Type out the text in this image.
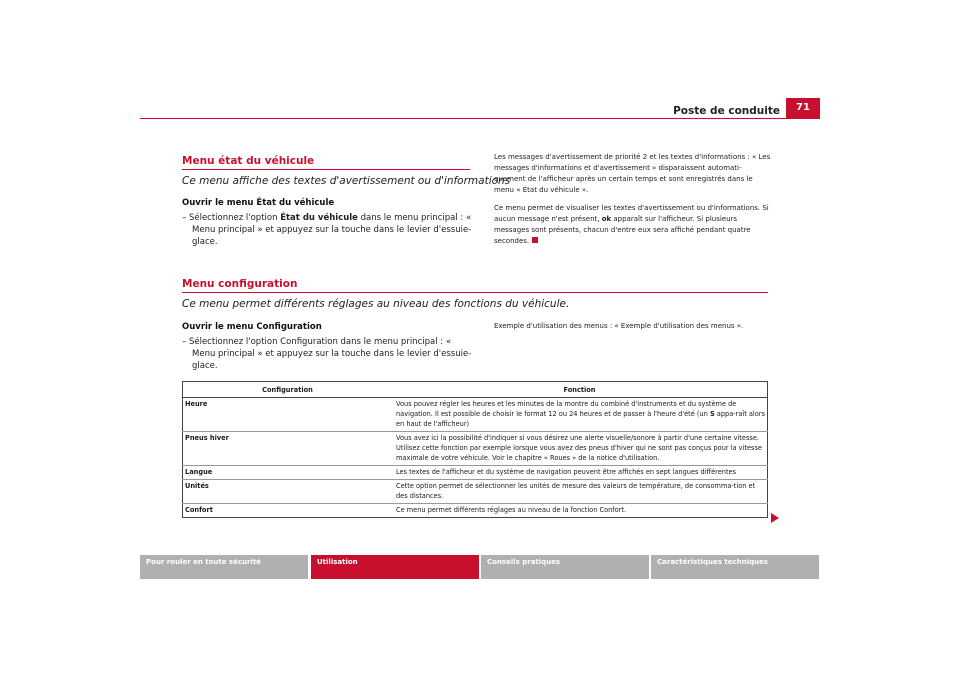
Poste de conduite	71
Menu état du véhicule
Ce menu affiche des textes d'avertissement ou d'informations
Ouvrir le menu État du véhicule
– Sélectionnez l'option État du véhicule dans le menu principal : « Menu principal » et appuyez sur la touche dans le levier d'essuie-glace.
Les messages d'avertissement de priorité 2 et les textes d'informations : « Les messages d'informations et d'avertissement » disparaissent automati-quement de l'afficheur après un certain temps et sont enregistrés dans le menu « État du véhicule ».
Ce menu permet de visualiser les textes d'avertissement ou d'informations. Si aucun message n'est présent, ok apparaît sur l'afficheur. Si plusieurs messages sont présents, chacun d'entre eux sera affiché pendant quatre secondes.
Menu configuration
Ce menu permet différents réglages au niveau des fonctions du véhicule.
Ouvrir le menu Configuration
– Sélectionnez l'option Configuration dans le menu principal : « Menu principal » et appuyez sur la touche dans le levier d'essuie-glace.
Exemple d'utilisation des menus : « Exemple d'utilisation des menus ».
Configuration	Fonction
Heure	Vous pouvez régler les heures et les minutes de la montre du combiné d'instruments et du système de navigation. Il est possible de choisir le format 12 ou 24 heures et de passer à l'heure d'été (un S appa-raît alors en haut de l'afficheur)
Pneus hiver	Vous avez ici la possibilité d'indiquer si vous désirez une alerte visuelle/sonore à partir d'une certaine vitesse. Utilisez cette fonction par exemple lorsque vous avez des pneus d'hiver qui ne sont pas conçus pour la vitesse maximale de votre véhicule. Voir le chapitre « Roues » de la notice d'utilisation.
Langue	Les textes de l'afficheur et du système de navigation peuvent être affichés en sept langues différentes
Unités	Cette option permet de sélectionner les unités de mesure des valeurs de température, de consomma-tion et des distances.
Confort	Ce menu permet différents réglages au niveau de la fonction Confort.
Pour rouler en toute sécurité	Utilisation	Conseils pratiques	Caractéristiques techniques
